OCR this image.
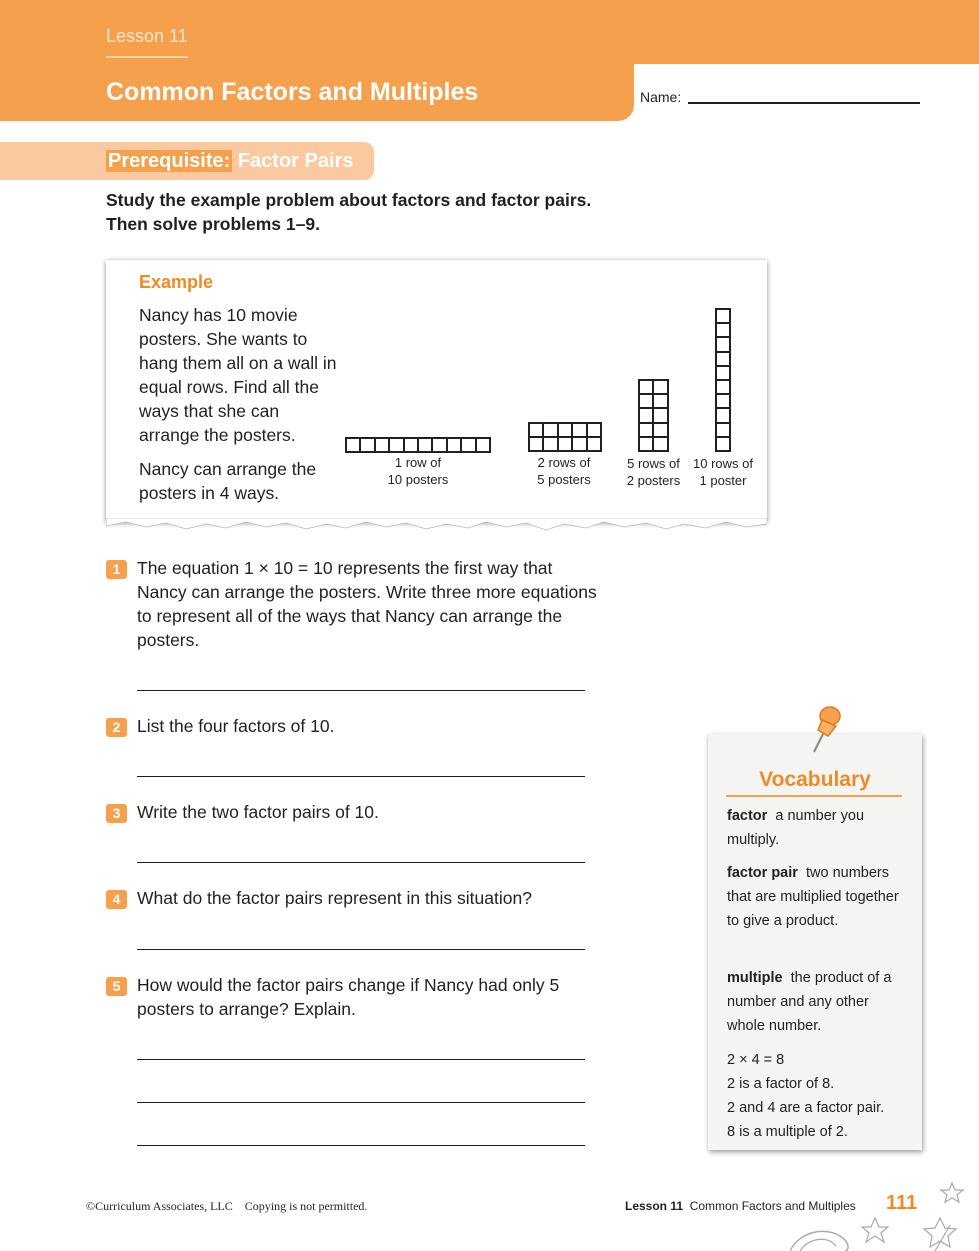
Lesson 11
Common Factors and Multiples	Name:
Prerequisite: Factor Pairs

Study the example problem about factors and factor pairs. Then solve problems 1–9.

Example

Nancy has 10 movie posters. She wants to hang them all on a wall in equal rows. Find all the ways that she can arrange the posters.

Nancy can arrange the posters in 4 ways.

1 row of
10 posters
2 rows of
5 posters
5 rows of
2 posters
10 rows of
1 poster
1 The equation 1 × 10 = 10 represents the first way that Nancy can arrange the posters. Write three more equations to represent all of the ways that Nancy can arrange the posters.

2 List the four factors of 10.

3 Write the two factor pairs of 10.

4 What do the factor pairs represent in this situation?

5 How would the factor pairs change if Nancy had only 5 posters to arrange? Explain.

Vocabulary

factor a number you multiply.

factor pair two numbers that are multiplied together to give a product.

multiple the product of a number and any other whole number.

2 × 4 = 8
2 is a factor of 8.
2 and 4 are a factor pair.
8 is a multiple of 2.
©Curriculum Associates, LLC Copying is not permitted.	Lesson 11 Common Factors and Multiples 111
